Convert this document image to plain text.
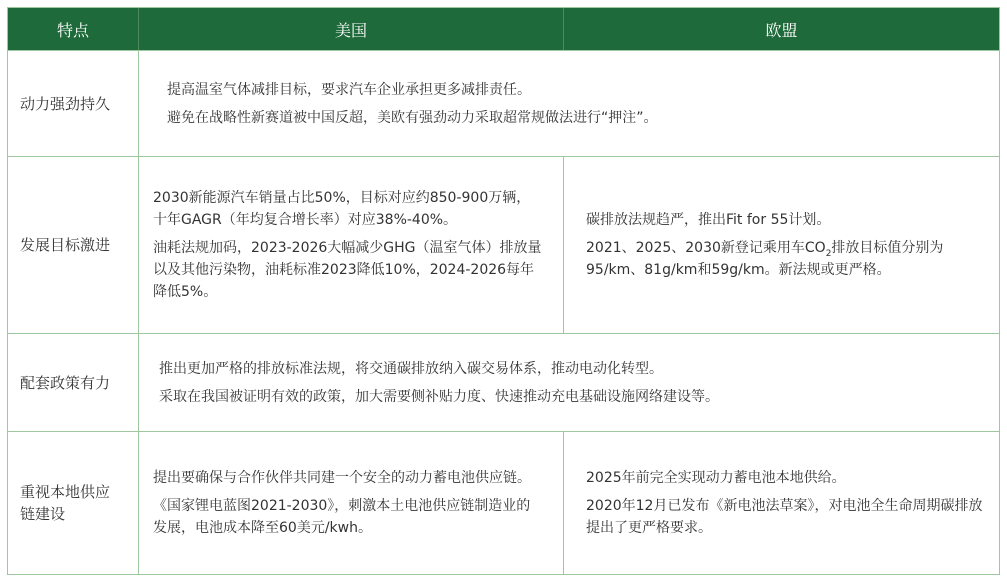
特点	美国	欧盟
动力强劲持久

提高温室气体减排目标，要求汽车企业承担更多减排责任。

避免在战略性新赛道被中国反超，美欧有强劲动力采取超常规做法进行“押注”。

发展目标激进

2030新能源汽车销量占比50%，目标对应约850-900万辆，十年GAGR（年均复合增长率）对应38%-40%。

油耗法规加码，2023-2026大幅减少GHG（温室气体）排放量以及其他污染物，油耗标准2023降低10%，2024-2026每年降低5%。

碳排放法规趋严，推出Fit for 55计划。

2021、2025、2030新登记乘用车$CO_2$排放目标值分别为95/km、81g/km和59g/km。新法规或更严格。

配套政策有力

推出更加严格的排放标准法规，将交通碳排放纳入碳交易体系，推动电动化转型。

采取在我国被证明有效的政策，加大需要侧补贴力度、快速推动充电基础设施网络建设等。

重视本地供应链建设

提出要确保与合作伙伴共同建一个安全的动力蓄电池供应链。

《国家锂电蓝图2021-2030》，刺激本土电池供应链制造业的发展，电池成本降至60美元/kwh。

2025年前完全实现动力蓄电池本地供给。

2020年12月已发布《新电池法草案》，对电池全生命周期碳排放提出了更严格要求。
